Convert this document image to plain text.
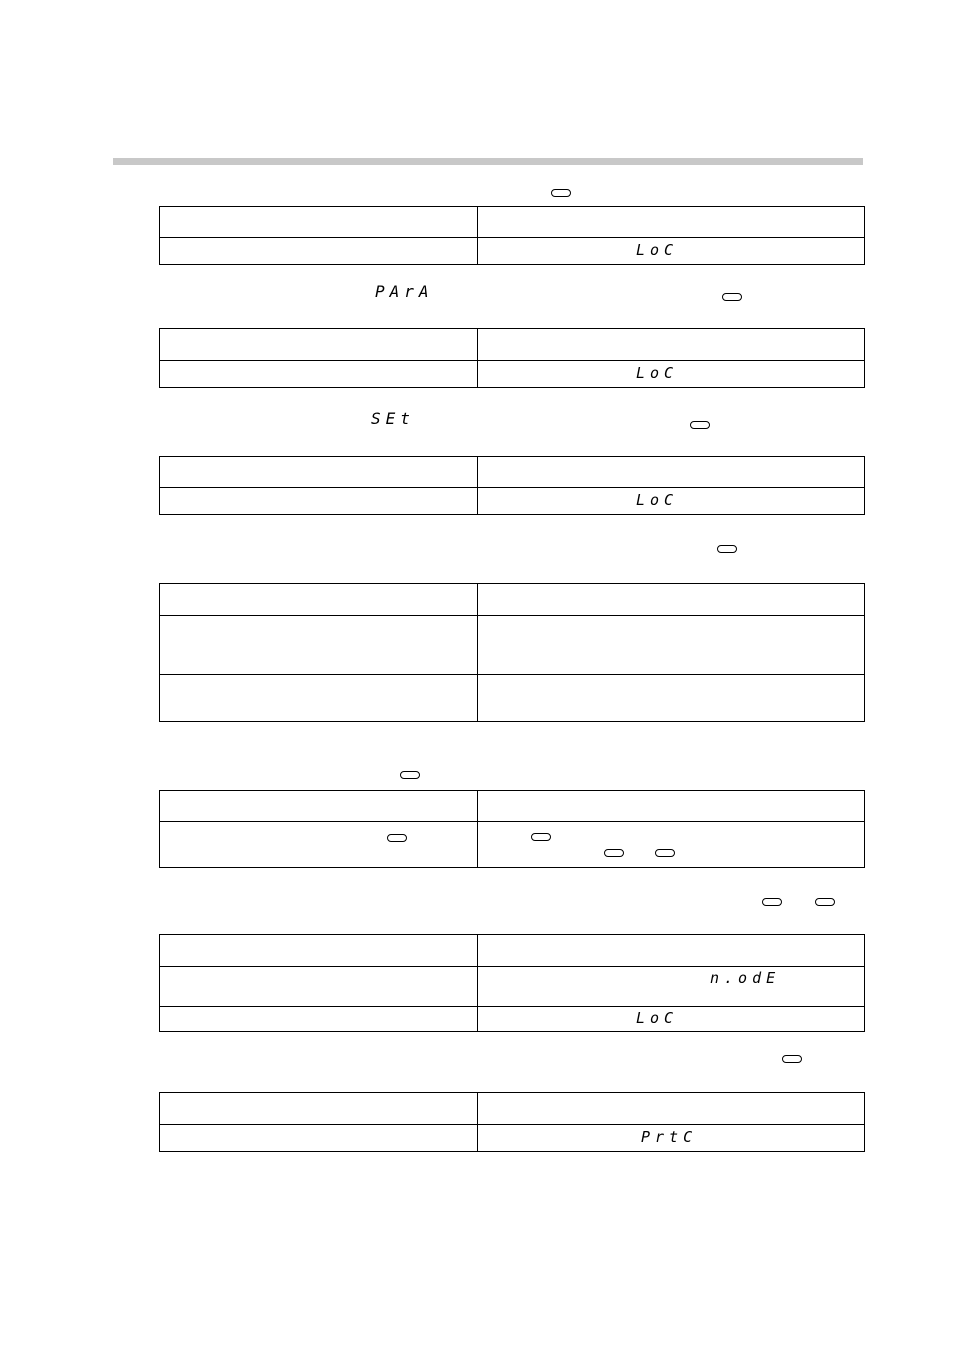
	LoC
PArA

	LoC
SEt

	LoC

	n.odE

	LoC

	PrtC
